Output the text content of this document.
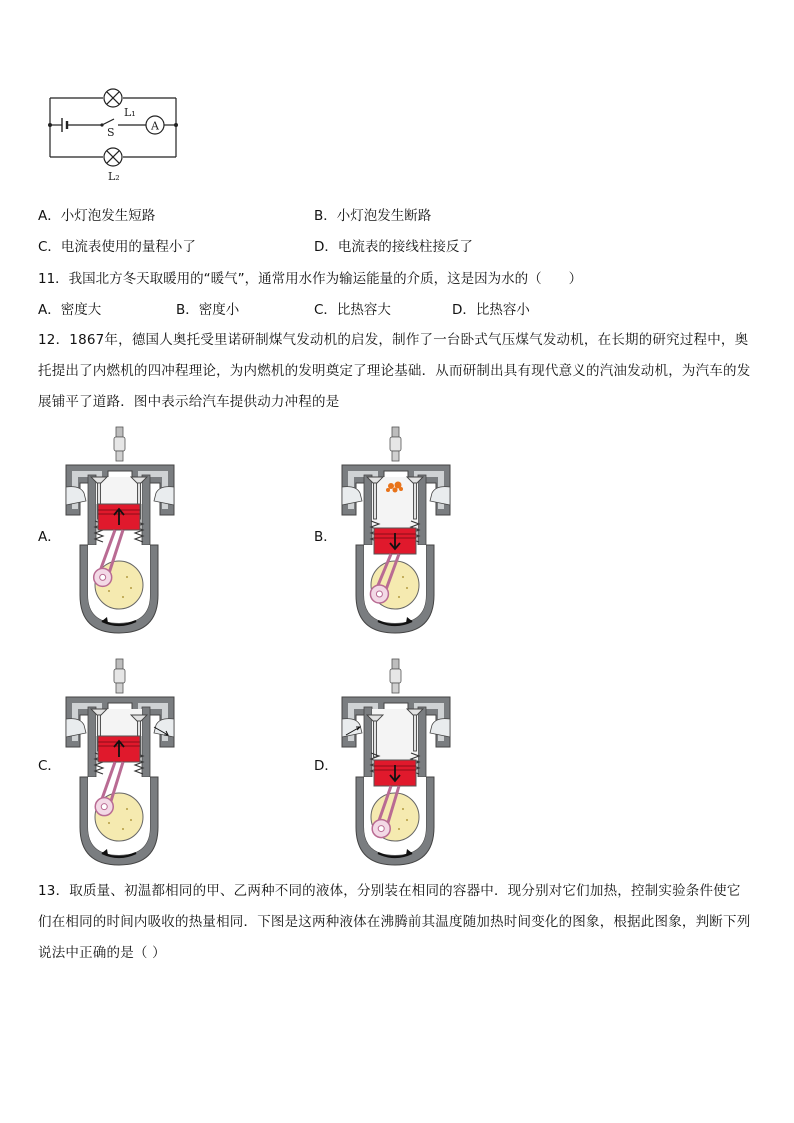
L₁
S	A
L₂
A．小灯泡发生短路	B．小灯泡发生断路
C．电流表使用的量程小了	D．电流表的接线柱接反了
11．我国北方冬天取暖用的“暖气”，通常用水作为输运能量的介质，这是因为水的（　　）
A．密度大	B．密度小	C．比热容大	D．比热容小
12．1867年，德国人奥托受里诺研制煤气发动机的启发，制作了一台卧式气压煤气发动机，在长期的研究过程中，奥托提出了内燃机的四冲程理论，为内燃机的发明奠定了理论基础．从而研制出具有现代意义的汽油发动机，为汽车的发展铺平了道路．图中表示给汽车提供动力冲程的是
A．	B．
C．	D．
13．取质量、初温都相同的甲、乙两种不同的液体，分别装在相同的容器中．现分别对它们加热，控制实验条件使它们在相同的时间内吸收的热量相同．下图是这两种液体在沸腾前其温度随加热时间变化的图象，根据此图象，判断下列说法中正确的是（ ）
